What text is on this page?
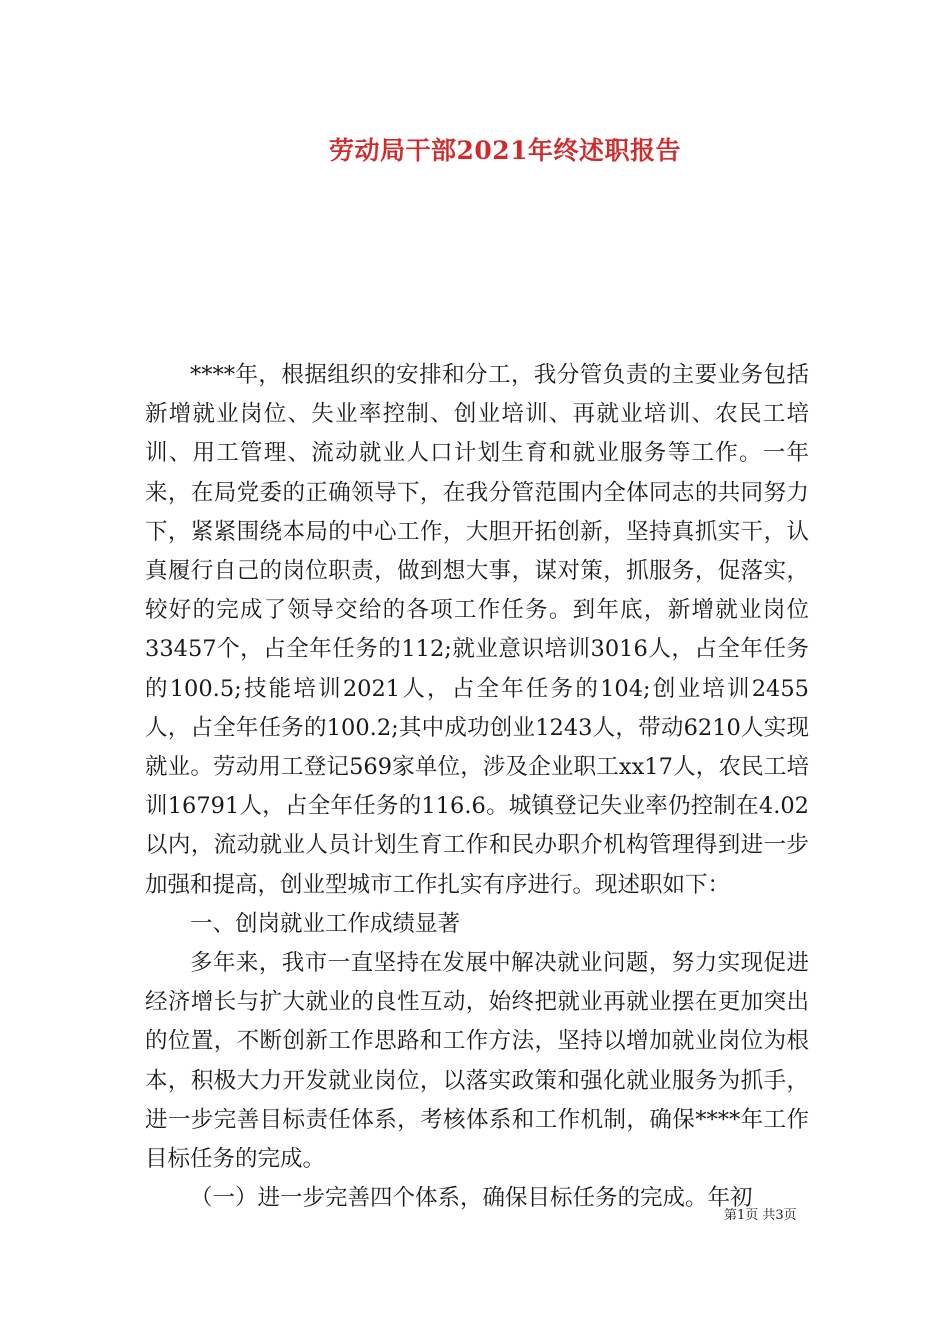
劳动局干部2021年终述职报告

****年，根据组织的安排和分工，我分管负责的主要业务包括新增就业岗位、失业率控制、创业培训、再就业培训、农民工培训、用工管理、流动就业人口计划生育和就业服务等工作。一年来，在局党委的正确领导下，在我分管范围内全体同志的共同努力下，紧紧围绕本局的中心工作，大胆开拓创新，坚持真抓实干，认真履行自己的岗位职责，做到想大事，谋对策，抓服务，促落实，较好的完成了领导交给的各项工作任务。到年底，新增就业岗位33457个，占全年任务的112;就业意识培训3016人，占全年任务的100.5;技能培训2021人，占全年任务的104;创业培训2455人，占全年任务的100.2;其中成功创业1243人，带动6210人实现就业。劳动用工登记569家单位，涉及企业职工xx17人，农民工培训16791人，占全年任务的116.6。城镇登记失业率仍控制在4.02以内，流动就业人员计划生育工作和民办职介机构管理得到进一步加强和提高，创业型城市工作扎实有序进行。现述职如下：

一、创岗就业工作成绩显著

多年来，我市一直坚持在发展中解决就业问题，努力实现促进经济增长与扩大就业的良性互动，始终把就业再就业摆在更加突出的位置，不断创新工作思路和工作方法，坚持以增加就业岗位为根本，积极大力开发就业岗位，以落实政策和强化就业服务为抓手，进一步完善目标责任体系，考核体系和工作机制，确保****年工作目标任务的完成。

（一）进一步完善四个体系，确保目标任务的完成。年初

第1页 共3页
